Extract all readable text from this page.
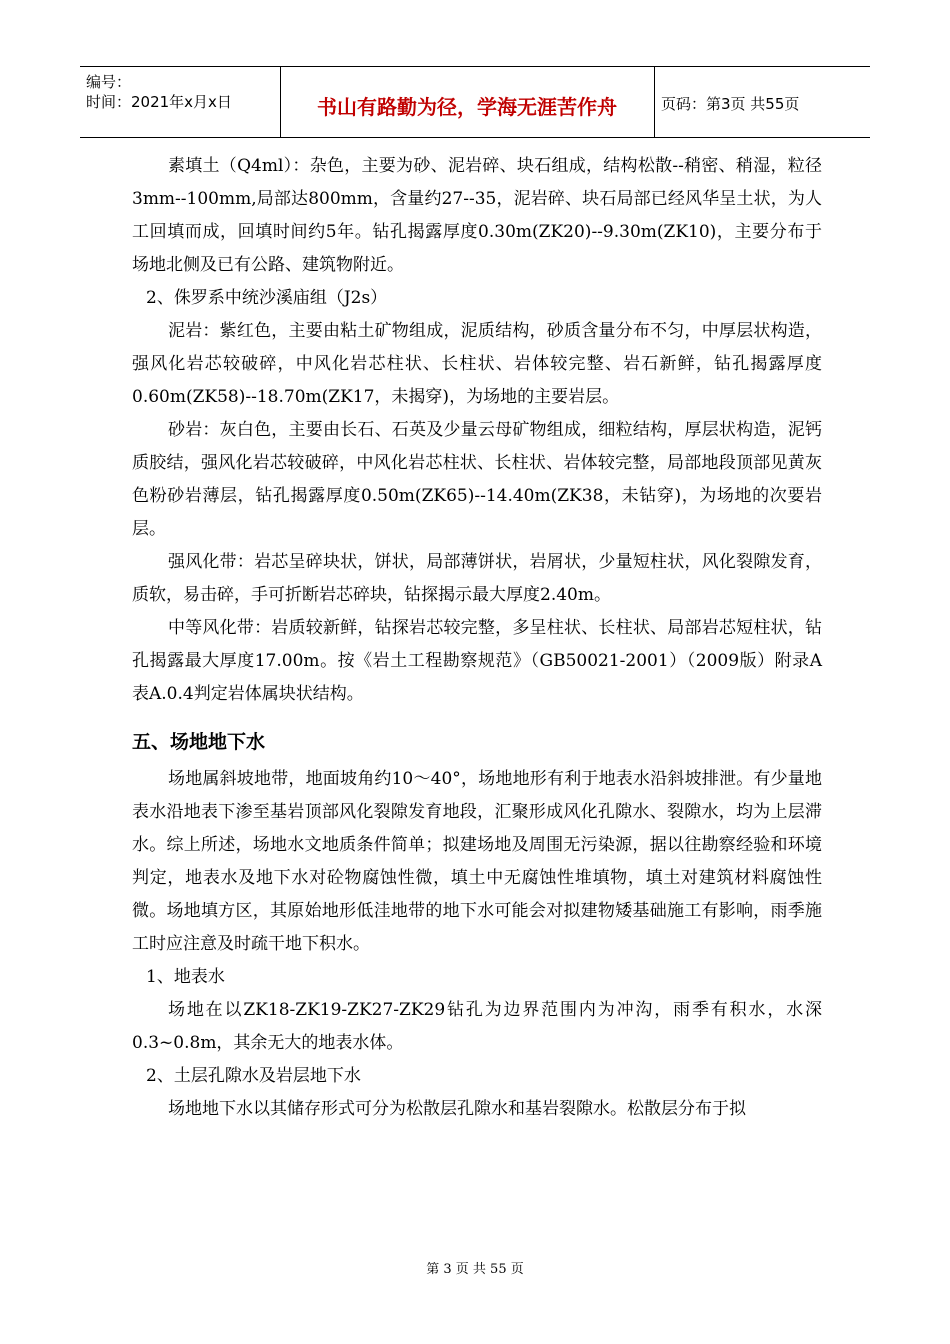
编号：
时间：2021年x月x日	书山有路勤为径，学海无涯苦作舟	页码：第3页 共55页

素填土（Q4ml）：杂色，主要为砂、泥岩碎、块石组成，结构松散--稍密、稍湿，粒径3mm--100mm,局部达800mm，含量约27--35，泥岩碎、块石局部已经风华呈土状，为人工回填而成，回填时间约5年。钻孔揭露厚度0.30m(ZK20)--9.30m(ZK10)，主要分布于场地北侧及已有公路、建筑物附近。

2、侏罗系中统沙溪庙组（J2s）

泥岩：紫红色，主要由粘土矿物组成，泥质结构，砂质含量分布不匀，中厚层状构造，强风化岩芯较破碎，中风化岩芯柱状、长柱状、岩体较完整、岩石新鲜，钻孔揭露厚度0.60m(ZK58)--18.70m(ZK17，未揭穿)，为场地的主要岩层。

砂岩：灰白色，主要由长石、石英及少量云母矿物组成，细粒结构，厚层状构造，泥钙质胶结，强风化岩芯较破碎，中风化岩芯柱状、长柱状、岩体较完整，局部地段顶部见黄灰色粉砂岩薄层，钻孔揭露厚度0.50m(ZK65)--14.40m(ZK38，未钻穿)，为场地的次要岩层。

强风化带：岩芯呈碎块状，饼状，局部薄饼状，岩屑状，少量短柱状，风化裂隙发育，质软，易击碎，手可折断岩芯碎块，钻探揭示最大厚度2.40m。

中等风化带：岩质较新鲜，钻探岩芯较完整，多呈柱状、长柱状、局部岩芯短柱状，钻孔揭露最大厚度17.00m。按《岩土工程勘察规范》（GB50021-2001）（2009版）附录A表A.0.4判定岩体属块状结构。

五、场地地下水

场地属斜坡地带，地面坡角约10～40°，场地地形有利于地表水沿斜坡排泄。有少量地表水沿地表下渗至基岩顶部风化裂隙发育地段，汇聚形成风化孔隙水、裂隙水，均为上层滞水。综上所述，场地水文地质条件简单；拟建场地及周围无污染源，据以往勘察经验和环境判定，地表水及地下水对砼物腐蚀性微，填土中无腐蚀性堆填物，填土对建筑材料腐蚀性微。场地填方区，其原始地形低洼地带的地下水可能会对拟建物矮基础施工有影响，雨季施工时应注意及时疏干地下积水。

1、地表水

场地在以ZK18-ZK19-ZK27-ZK29钻孔为边界范围内为冲沟，雨季有积水，水深0.3~0.8m，其余无大的地表水体。

2、土层孔隙水及岩层地下水

场地地下水以其储存形式可分为松散层孔隙水和基岩裂隙水。松散层分布于拟

第 3 页 共 55 页
